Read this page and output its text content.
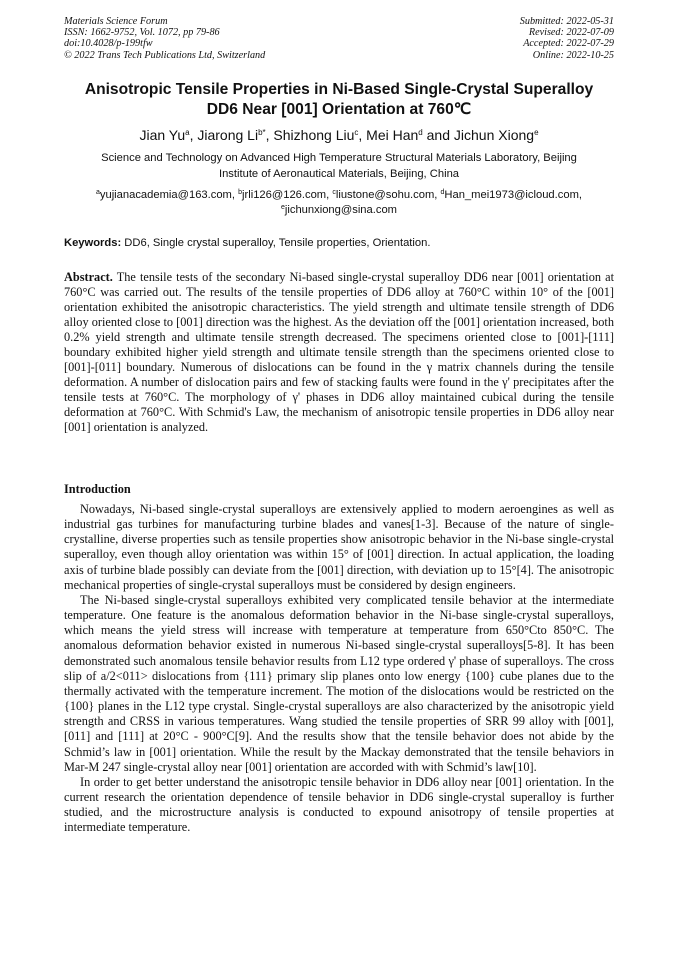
Materials Science Forum
ISSN: 1662-9752, Vol. 1072, pp 79-86
doi:10.4028/p-199tfw
© 2022 Trans Tech Publications Ltd, Switzerland
Submitted: 2022-05-31
Revised: 2022-07-09
Accepted: 2022-07-29
Online: 2022-10-25
Anisotropic Tensile Properties in Ni-Based Single-Crystal Superalloy
DD6 Near [001] Orientation at 760℃
Jian Yu$^a$, Jiarong $Li^{b*}$, Shizhong Liu$^c$, Mei Han$^d$ and Jichun Xiong$^e$
Science and Technology on Advanced High Temperature Structural Materials Laboratory, Beijing
Institute of Aeronautical Materials, Beijing, China
$^a$yujianacademia@163.com, $^b$jrli126@126.com, $^c$liustone@sohu.com, $^d$Han_mei1973@icloud.com,
$^e$jichunxiong@sina.com
Keywords: DD6, Single crystal superalloy, Tensile properties, Orientation.
Abstract. The tensile tests of the secondary Ni-based single-crystal superalloy DD6 near [001] orientation at 760°C was carried out. The results of the tensile properties of DD6 alloy at 760°C within 10° of the [001] orientation exhibited the anisotropic characteristics. The yield strength and ultimate tensile strength of DD6 alloy oriented close to [001] direction was the highest. As the deviation off the [001] orientation increased, both 0.2% yield strength and ultimate tensile strength decreased. The specimens oriented close to [001]-[111] boundary exhibited higher yield strength and ultimate tensile strength than the specimens oriented close to [001]-[011] boundary. Numerous of dislocations can be found in the γ matrix channels during the tensile deformation. A number of dislocation pairs and few of stacking faults were found in the γ' precipitates after the tensile tests at 760°C. The morphology of γ' phases in DD6 alloy maintained cubical during the tensile deformation at 760°C. With Schmid's Law, the mechanism of anisotropic tensile properties in DD6 alloy near [001] orientation is analyzed.
Introduction

Nowadays, Ni-based single-crystal superalloys are extensively applied to modern aeroengines as well as industrial gas turbines for manufacturing turbine blades and vanes[1-3]. Because of the nature of single-crystalline, diverse properties such as tensile properties show anisotropic behavior in the Ni-base single-crystal superalloy, even though alloy orientation was within 15° of [001] direction. In actual application, the loading axis of turbine blade possibly can deviate from the [001] direction, with deviation up to 15°[4]. The anisotropic mechanical properties of single-crystal superalloys must be considered by design engineers.

The Ni-based single-crystal superalloys exhibited very complicated tensile behavior at the intermediate temperature. One feature is the anomalous deformation behavior in the Ni-base single-crystal superalloys, which means the yield stress will increase with temperature at temperature from 650°Cto 850°C. The anomalous deformation behavior existed in numerous Ni-based single-crystal superalloys[5-8]. It has been demonstrated such anomalous tensile behavior results from L12 type ordered γ' phase of superalloys. The cross slip of a/2<011> dislocations from {111} primary slip planes onto low energy {100} cube planes due to the thermally activated with the temperature increment. The motion of the dislocations would be restricted on the {100} planes in the L12 type crystal. Single-crystal superalloys are also characterized by the anisotropic yield strength and CRSS in various temperatures. Wang studied the tensile properties of SRR 99 alloy with [001], [011] and [111] at 20°C - 900°C[9]. And the results show that the tensile behavior does not abide by the Schmid’s law in [001] orientation. While the result by the Mackay demonstrated that the tensile behaviors in Mar-M 247 single-crystal alloy near [001] orientation are accorded with with Schmid’s law[10].

In order to get better understand the anisotropic tensile behavior in DD6 alloy near [001] orientation. In the current research the orientation dependence of tensile behavior in DD6 single-crystal superalloy is further studied, and the microstructure analysis is conducted to expound anisotropy of tensile properties at intermediate temperature.
